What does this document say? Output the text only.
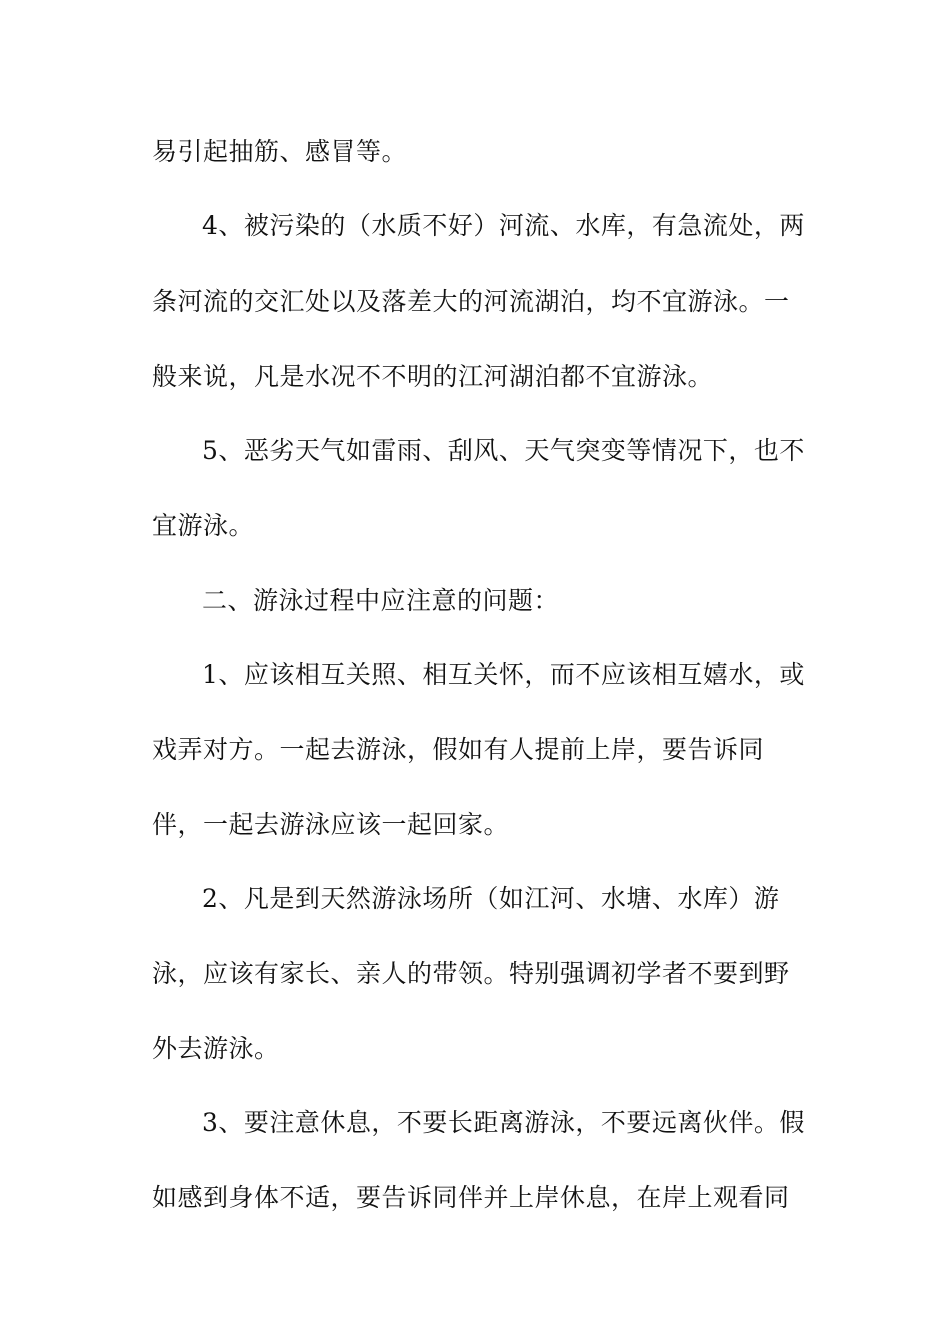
易引起抽筋、感冒等。
4、被污染的（水质不好）河流、水库，有急流处，两
条河流的交汇处以及落差大的河流湖泊，均不宜游泳。一
般来说，凡是水况不不明的江河湖泊都不宜游泳。
5、恶劣天气如雷雨、刮风、天气突变等情况下，也不
宜游泳。
二、游泳过程中应注意的问题：
1、应该相互关照、相互关怀，而不应该相互嬉水，或
戏弄对方。一起去游泳，假如有人提前上岸，要告诉同
伴，一起去游泳应该一起回家。
2、凡是到天然游泳场所（如江河、水塘、水库）游
泳，应该有家长、亲人的带领。特别强调初学者不要到野
外去游泳。
3、要注意休息，不要长距离游泳，不要远离伙伴。假
如感到身体不适，要告诉同伴并上岸休息，在岸上观看同
